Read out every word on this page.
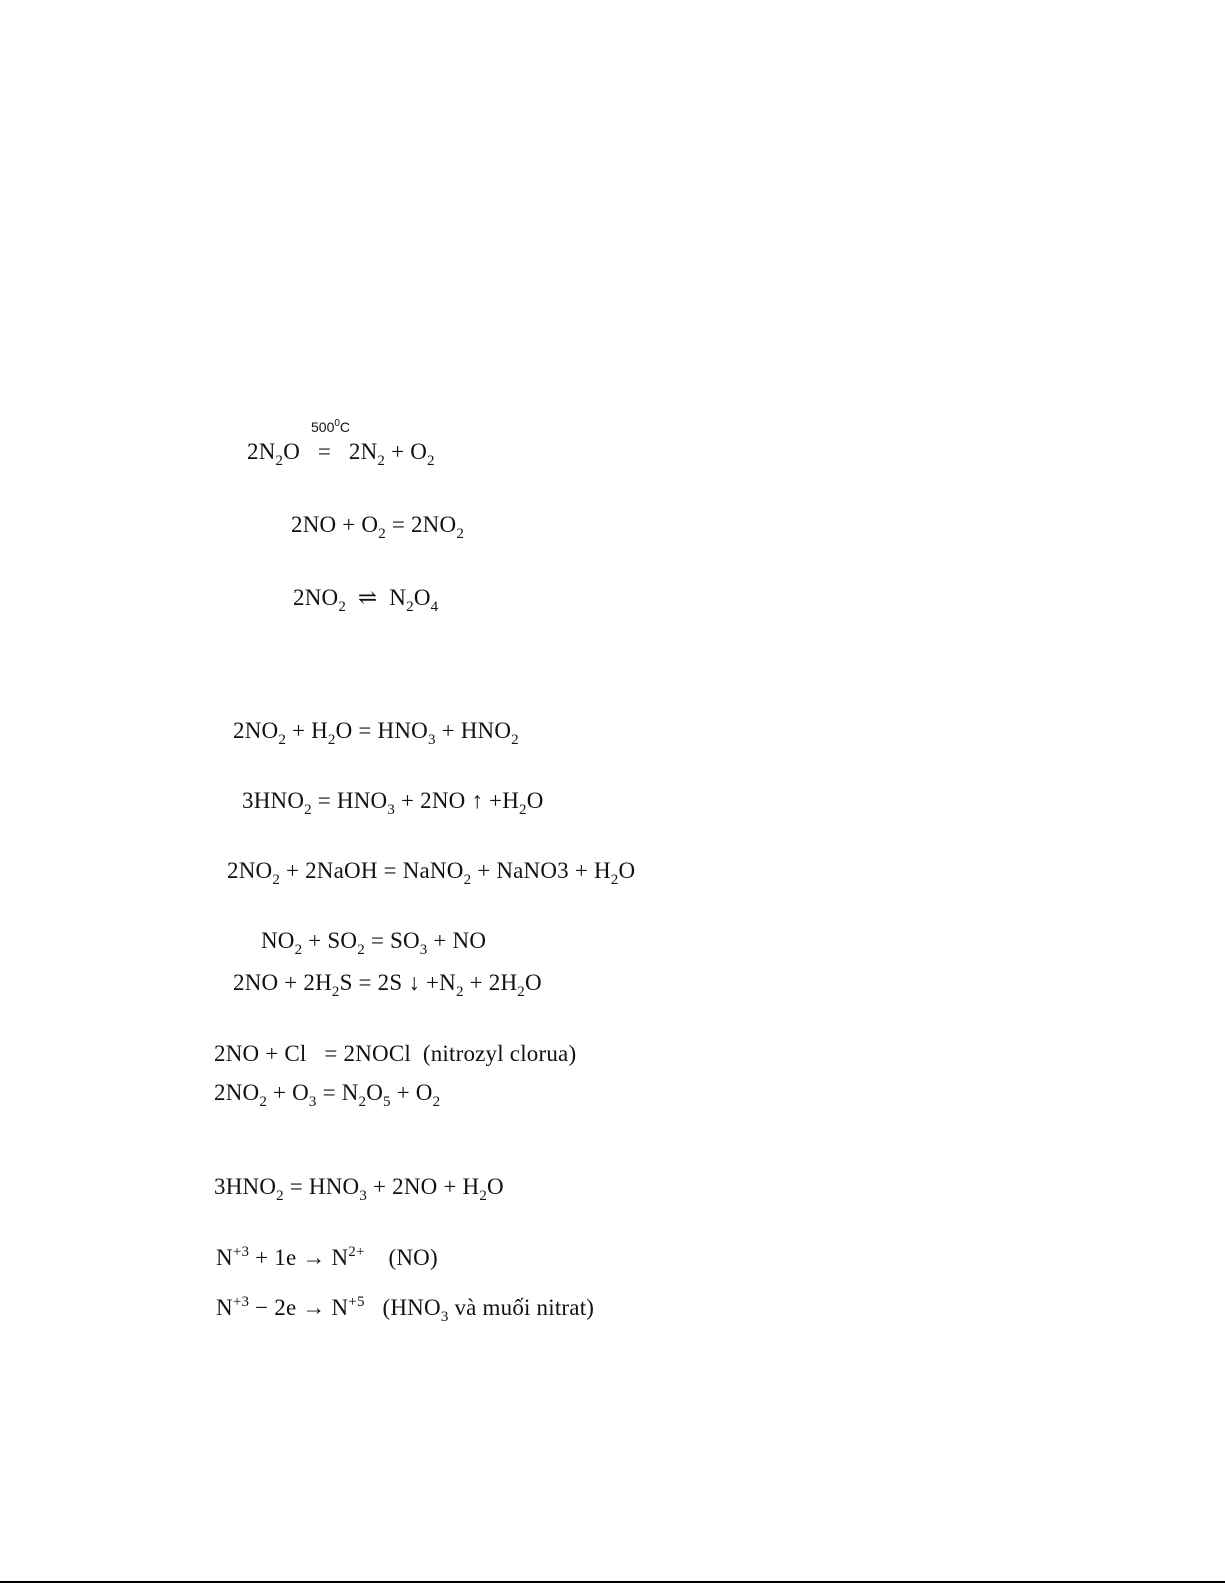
$500^0C$
$2N_2O = 2N_2 + O_2$
$2NO + O_2 = 2NO_2$
$2NO_2$  ⇌  $N_2O_4$
$2NO_2 + H_2O = HNO_3 + HNO_2$
$3HNO_2 = HNO_3 + 2NO$ ↑ $+H_2O$
$2NO_2$ + 2NaOH = NaNO$_2$ + NaNO3 + $H_2O$
$NO_2 + SO_2 = SO_3$ + NO
$2NO + 2H_2S = 2S$ ↓ $+N_2 + 2H_2O$
2NO + Cl   = 2NOCl  (nitrozyl clorua)
$2NO_2 + O_3 = N_2O_5 + O_2$
$3HNO_2 = HNO_3 + 2NO + H_2O$
$N^{+3} + 1e \to N^{2+}$ (NO)
$N^{+3} - 2e \to N^{+5}$ ($HNO_3$ và muối nitrat)
